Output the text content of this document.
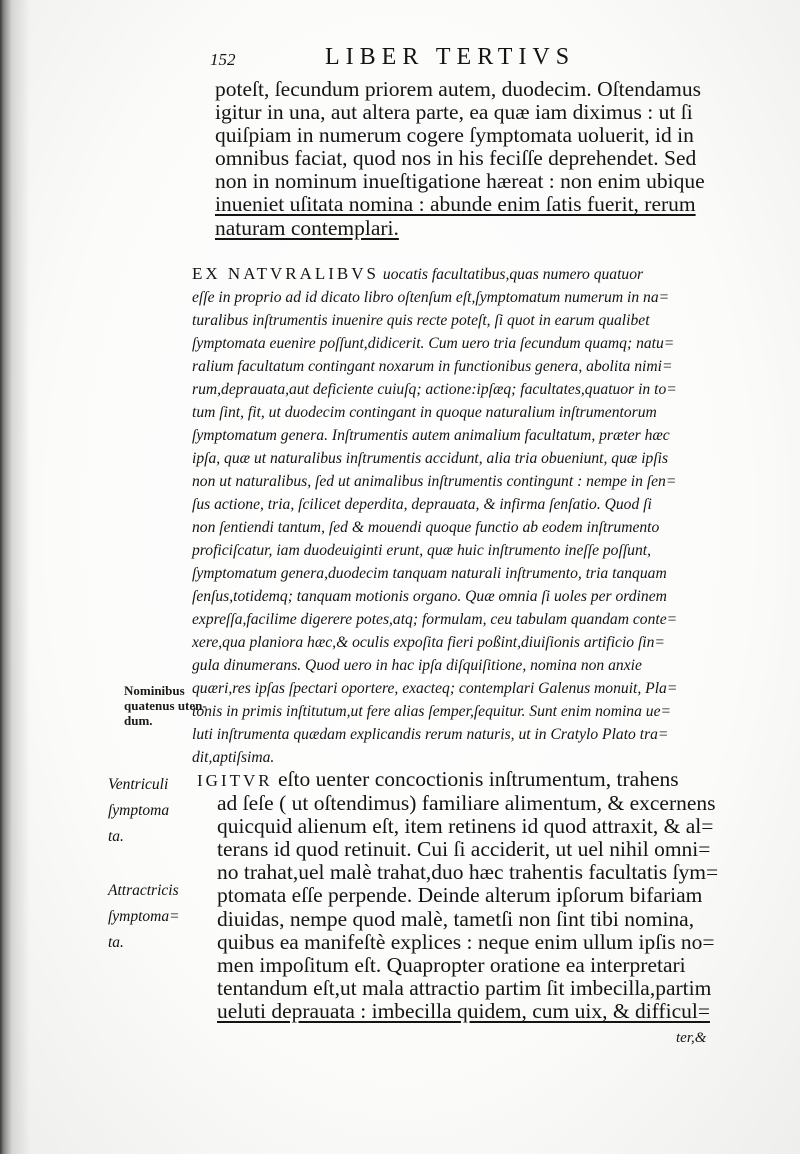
152	LIBER TERTIVS
poteſt, ſecundum priorem autem, duodecim. Oſtendamus
igitur in una, aut altera parte, ea quæ iam diximus : ut ſi
quiſpiam in numerum cogere ſymptomata uoluerit, id in
omnibus faciat, quod nos in his feciſſe deprehendet. Sed
non in nominum inueſtigatione hæreat : non enim ubique
inueniet uſitata nomina : abunde enim ſatis fuerit, rerum
naturam contemplari.
EX NATVRALIBVS uocatis facultatibus,quas numero quatuor
eſſe in proprio ad id dicato libro oſtenſum eſt,ſymptomatum numerum in na=
turalibus inſtrumentis inuenire quis recte poteſt, ſi quot in earum qualibet
ſymptomata euenire poſſunt,didicerit. Cum uero tria ſecundum quamq; natu=
ralium facultatum contingant noxarum in functionibus genera, abolita nimi=
rum,deprauata,aut deficiente cuiuſq; actione:ipſæq; facultates,quatuor in to=
tum ſint, fit, ut duodecim contingant in quoque naturalium inſtrumentorum
ſymptomatum genera. Inſtrumentis autem animalium facultatum, præter hæc
ipſa, quæ ut naturalibus inſtrumentis accidunt, alia tria obueniunt, quæ ipſis
non ut naturalibus, ſed ut animalibus inſtrumentis contingunt : nempe in ſen=
ſus actione, tria, ſcilicet deperdita, deprauata, & infirma ſenſatio. Quod ſi
non ſentiendi tantum, ſed & mouendi quoque functio ab eodem inſtrumento
proficiſcatur, iam duodeuiginti erunt, quæ huic inſtrumento ineſſe poſſunt,
ſymptomatum genera,duodecim tanquam naturali inſtrumento, tria tanquam
ſenſus,totidemq; tanquam motionis organo. Quæ omnia ſi uoles per ordinem
expreſſa,facilime digerere potes,atq; formulam, ceu tabulam quandam conte=
xere,qua planiora hæc,& oculis expoſita fieri poßint,diuiſionis artificio ſin=
gula dinumerans. Quod uero in hac ipſa diſquiſitione, nomina non anxie
quæri,res ipſas ſpectari oportere, exacteq; contemplari Galenus monuit, Pla=
tonis in primis inſtitutum,ut fere alias ſemper,ſequitur. Sunt enim nomina ue=
luti inſtrumenta quædam explicandis rerum naturis, ut in Cratylo Plato tra=
dit,aptiſsima.
IGITVR eſto uenter concoctionis inſtrumentum, trahens
ad ſeſe ( ut oſtendimus) familiare alimentum, & excernens
quicquid alienum eſt, item retinens id quod attraxit, & al=
terans id quod retinuit. Cui ſi acciderit, ut uel nihil omni=
no trahat,uel malè trahat,duo hæc trahentis facultatis ſym=
ptomata eſſe perpende. Deinde alterum ipſorum bifariam
diuidas, nempe quod malè, tametſi non ſint tibi nomina,
quibus ea manifeſtè explices : neque enim ullum ipſis no=
men impoſitum eſt. Quapropter oratione ea interpretari
tentandum eſt,ut mala attractio partim ſit imbecilla,partim
ueluti deprauata : imbecilla quidem, cum uix, & difficul=
ter,&
Nominibus
quatenus uten-
dum.
Ventriculi
ſymptoma
ta.
Attractricis
ſymptoma=
ta.
